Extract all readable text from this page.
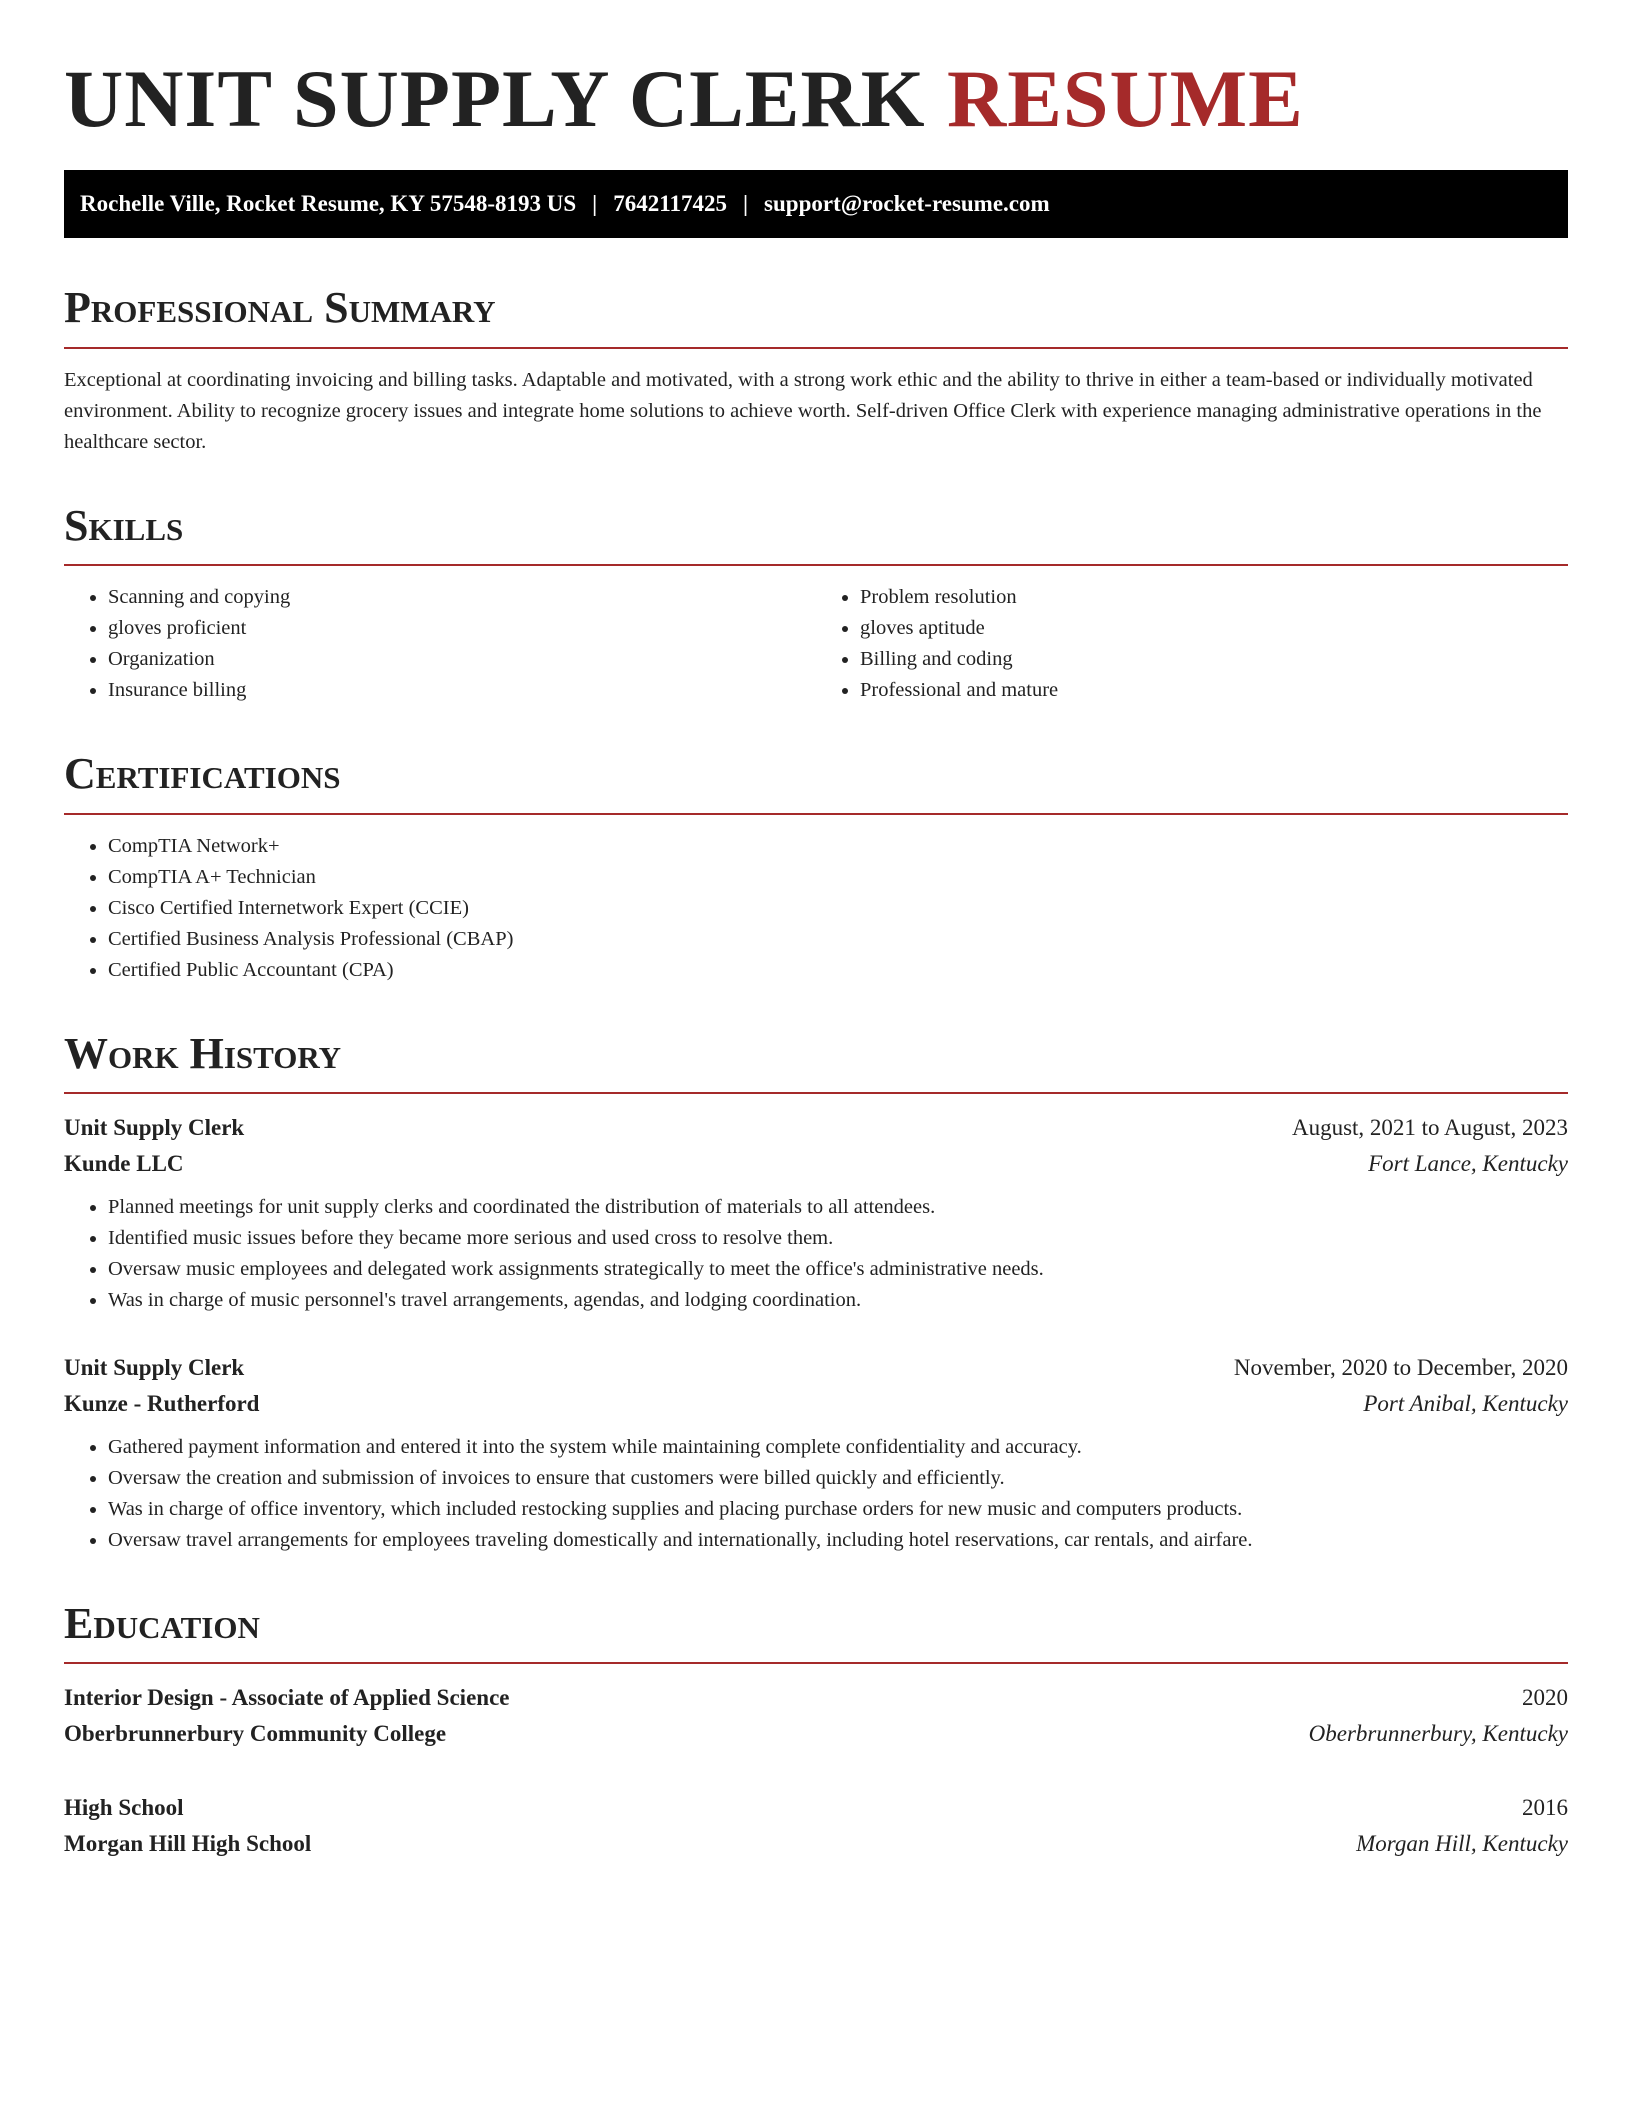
UNIT SUPPLY CLERK RESUME
Rochelle Ville, Rocket Resume, KY 57548-8193 US | 7642117425 | support@rocket-resume.com
Professional Summary

Exceptional at coordinating invoicing and billing tasks. Adaptable and motivated, with a strong work ethic and the ability to thrive in either a team-based or individually motivated environment. Ability to recognize grocery issues and integrate home solutions to achieve worth. Self-driven Office Clerk with experience managing administrative operations in the healthcare sector.

Skills
• Scanning and copying
• gloves proficient
• Organization
• Insurance billing
• Problem resolution
• gloves aptitude
• Billing and coding
• Professional and mature
Certifications
• CompTIA Network+
• CompTIA A+ Technician
• Cisco Certified Internetwork Expert (CCIE)
• Certified Business Analysis Professional (CBAP)
• Certified Public Accountant (CPA)
Work History
Unit Supply Clerk	August, 2021 to August, 2023
Kunde LLC	Fort Lance, Kentucky
• Planned meetings for unit supply clerks and coordinated the distribution of materials to all attendees.
• Identified music issues before they became more serious and used cross to resolve them.
• Oversaw music employees and delegated work assignments strategically to meet the office's administrative needs.
• Was in charge of music personnel's travel arrangements, agendas, and lodging coordination.
Unit Supply Clerk	November, 2020 to December, 2020
Kunze - Rutherford	Port Anibal, Kentucky
• Gathered payment information and entered it into the system while maintaining complete confidentiality and accuracy.
• Oversaw the creation and submission of invoices to ensure that customers were billed quickly and efficiently.
• Was in charge of office inventory, which included restocking supplies and placing purchase orders for new music and computers products.
• Oversaw travel arrangements for employees traveling domestically and internationally, including hotel reservations, car rentals, and airfare.
Education
Interior Design - Associate of Applied Science	2020
Oberbrunnerbury Community College	Oberbrunnerbury, Kentucky
High School	2016
Morgan Hill High School	Morgan Hill, Kentucky
